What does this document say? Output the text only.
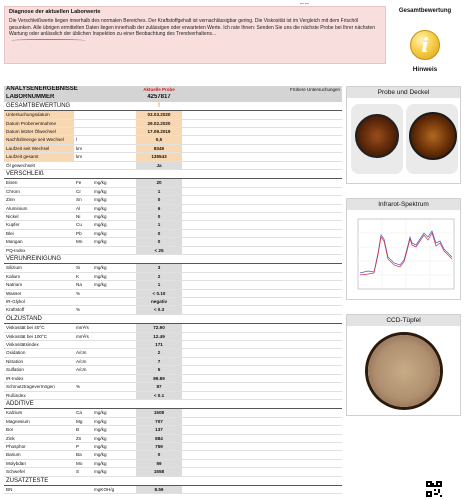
... ...
Diagnose der aktuellen Laborwerte
Die Verschleißwerte liegen innerhalb des normalen Bereiches. Der Kraftstoffgehalt ist vernachlässigbar gering. Die Viskosität ist im Vergleich mit dem Frischöl gesunken. Alle übrigen ermittelten Daten liegen innerhalb der zulässigen oder erwarteten Werte. Ich rate Ihnen: Senden Sie uns die nächste Probe bei Ihrer nächsten Wartung oder anlässlich der üblichen Inspektion zu einer Beobachtung des Trendverhaltens...
Gesamtbewertung
i
Hinweis
ANALYSENERGEBNISSE			Aktuelle Probe	Frühere Untersuchungen
LABORNUMMER			4257817	
GESAMTBEWERTUNG			!	
Untersuchungsdatum			03.03.2020	
Datum Probenentnahme			29.02.2020	
Datum letzter Ölwechsel			17.09.2019	
Nachfüllmenge seit Wechsel	l		0,5	
Laufzeit seit Wechsel	km		8349	
Laufzeit gesamt	km		135543	
Öl gewechselt			Ja	
VERSCHLEIß				
Eisen	Fe	mg/kg	20	
Chrom	Cr	mg/kg	1	
Zinn	Sn	mg/kg	0	
Aluminium	Al	mg/kg	6	
Nickel	Ni	mg/kg	0	
Kupfer	Cu	mg/kg	1	
Blei	Pb	mg/kg	0	
Mangan	Mn	mg/kg	0	
PQ-Index			< 25	
VERUNREINIGUNG				
Silizium	Si	mg/kg	3	
Kalium	K	mg/kg	2	
Natrium	Na	mg/kg	1	
Wasser	%		< 0.10	
IR-Glykol			negativ	
Kraftstoff	%		< 0.3	
ÖLZUSTAND				
Viskosität bei 40°C	mm²/s		72.90	
Viskosität bei 100°C	mm²/s		12.49	
Viskositätsindex			171	
Oxidation	A/cm		2	
Nitration	A/cm		7	
Sulfation	A/cm		5	
IR-Index			89.89	
Schmutztragevermögen	%		87	
Rußindex			< 0.1	
ADDITIVE				
Kalzium	Ca	mg/kg	1508	
Magnesium	Mg	mg/kg	707	
Bor	B	mg/kg	137	
Zink	Zn	mg/kg	884	
Phosphor	P	mg/kg	759	
Barium	Ba	mg/kg	0	
Molybdän	Mo	mg/kg	59	
Schwefel	S	mg/kg	1558	
ZUSATZTESTE				
BN		mgKOH/g	8.59	
Probe und Deckel
Infrarot-Spektrum
CCD-Tüpfel
